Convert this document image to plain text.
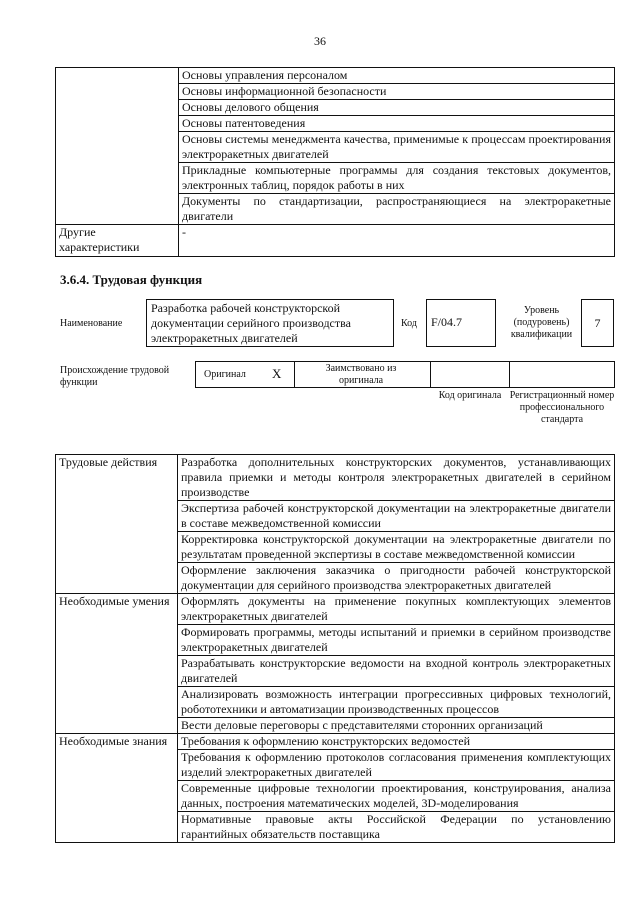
36
	Основы управления персоналом
	Основы информационной безопасности
	Основы делового общения
	Основы патентоведения
	Основы системы менеджмента качества, применимые к процессам проектирования электроракетных двигателей
	Прикладные компьютерные программы для создания текстовых документов, электронных таблиц, порядок работы в них
	Документы по стандартизации, распространяющиеся на электроракетные двигатели
Другие характеристики	-
3.6.4. Трудовая функция
Наименование
Разработка рабочей конструкторской документации серийного производства электроракетных двигателей
Код	F/04.7
Уровень (подуровень) квалификации
7
Происхождение трудовой функции
Оригинал X	Заимствовано из оригинала
Код оригинала Регистрационный номер профессионального стандарта
Трудовые действия	Разработка дополнительных конструкторских документов, устанавливающих правила приемки и методы контроля электроракетных двигателей в серийном производстве
	Экспертиза рабочей конструкторской документации на электроракетные двигатели в составе межведомственной комиссии
	Корректировка конструкторской документации на электроракетные двигатели по результатам проведенной экспертизы в составе межведомственной комиссии
	Оформление заключения заказчика о пригодности рабочей конструкторской документации для серийного производства электроракетных двигателей
Необходимые умения	Оформлять документы на применение покупных комплектующих элементов электроракетных двигателей
	Формировать программы, методы испытаний и приемки в серийном производстве электроракетных двигателей
	Разрабатывать конструкторские ведомости на входной контроль электроракетных двигателей
	Анализировать возможность интеграции прогрессивных цифровых технологий, робототехники и автоматизации производственных процессов
	Вести деловые переговоры с представителями сторонних организаций
Необходимые знания	Требования к оформлению конструкторских ведомостей
	Требования к оформлению протоколов согласования применения комплектующих изделий электроракетных двигателей
	Современные цифровые технологии проектирования, конструирования, анализа данных, построения математических моделей, 3D-моделирования
	Нормативные правовые акты Российской Федерации по установлению гарантийных обязательств поставщика
